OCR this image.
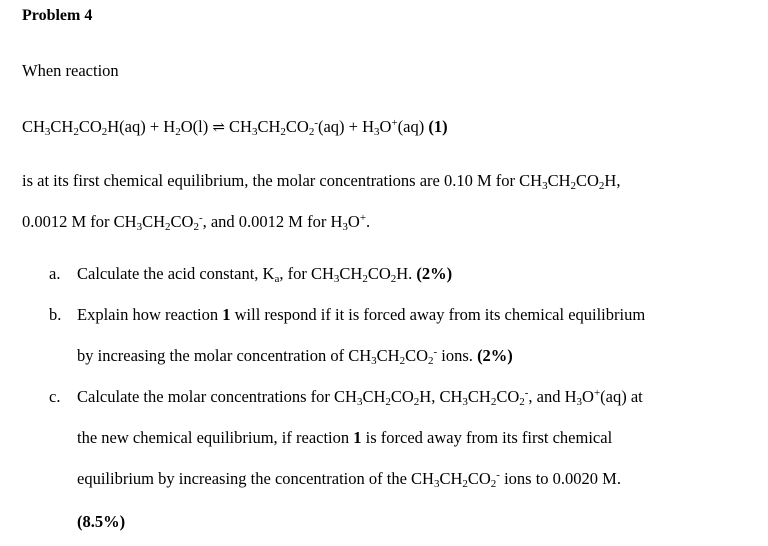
Problem 4
When reaction
$CH_3CH_2CO_2H(aq) + H_2O(l)$ ⇌ $CH_3CH_2CO_2^-(aq) + H_3O^+(aq)$ (1)
is at its first chemical equilibrium, the molar concentrations are 0.10 M for $CH_3CH_2CO_2H$,
0.0012 M for $CH_3CH_2CO_2^-$, and 0.0012 M for $H_3O^+$.
a. Calculate the acid constant, $K_a$, for $CH_3CH_2CO_2H$. (2%)
b. Explain how reaction 1 will respond if it is forced away from its chemical equilibrium
by increasing the molar concentration of $CH_3CH_2CO_2^-$ ions. (2%)
c. Calculate the molar concentrations for $CH_3CH_2CO_2H$, $CH_3CH_2CO_2^-$, and $H_3O^+(aq)$ at
the new chemical equilibrium, if reaction 1 is forced away from its first chemical
equilibrium by increasing the concentration of the $CH_3CH_2CO_2^-$ ions to 0.0020 M.
(8.5%)
